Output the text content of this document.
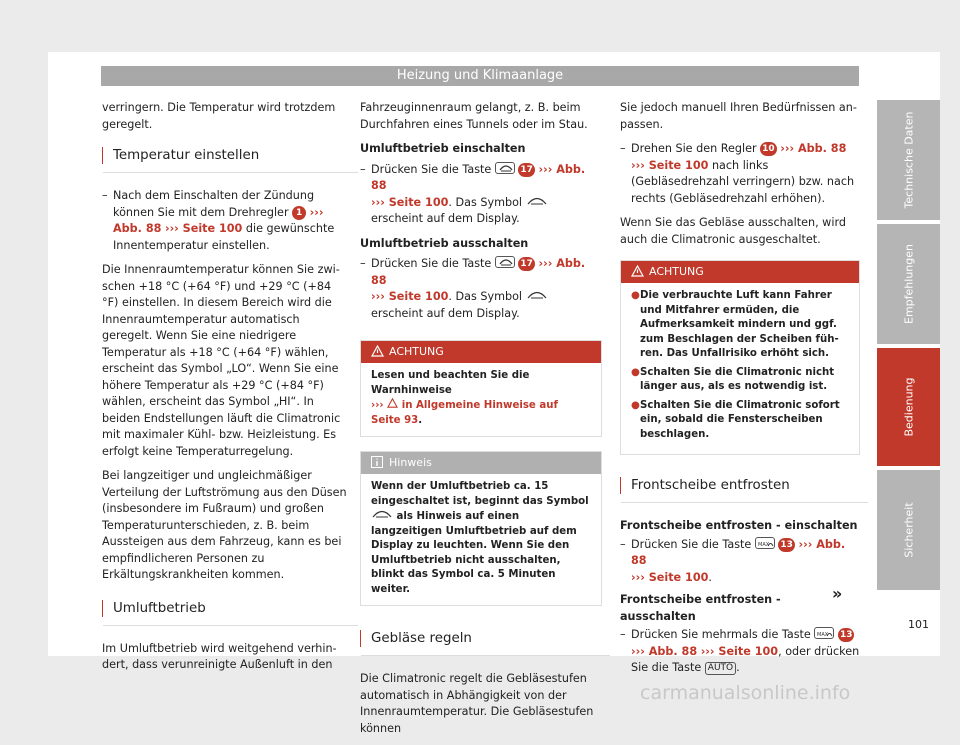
Heizung und Klimaanlage

verringern. Die Temperatur wird trotzdem geregelt.

Temperatur einstellen
– Nach dem Einschalten der Zündung können Sie mit dem Drehregler 1 ››› Abb. 88 ››› Seite 100 die gewünschte Innentemperatur einstellen.

Die Innenraumtemperatur können Sie zwischen +18 °C (+64 °F) und +29 °C (+84 °F) einstellen. In diesem Bereich wird die Innenraumtemperatur automatisch geregelt. Wenn Sie eine niedrigere Temperatur als +18 °C (+64 °F) wählen, erscheint das Symbol „LO“. Wenn Sie eine höhere Temperatur als +29 °C (+84 °F) wählen, erscheint das Symbol „HI“. In beiden Endstellungen läuft die Climatronic mit maximaler Kühl- bzw. Heizleistung. Es erfolgt keine Temperaturregelung.

Bei langzeitiger und ungleichmäßiger Verteilung der Luftströmung aus den Düsen (insbesondere im Fußraum) und großen Temperaturunterschieden, z. B. beim Aussteigen aus dem Fahrzeug, kann es bei empfindlicheren Personen zu Erkältungskrankheiten kommen.

Umluftbetrieb

Im Umluftbetrieb wird weitgehend verhindert, dass verunreinigte Außenluft in den

Fahrzeuginnenraum gelangt, z. B. beim Durchfahren eines Tunnels oder im Stau.

Umluftbetrieb einschalten

– Drücken Sie die Taste	17 ››› Abb. 88
››› Seite 100. Das Symbol  erscheint auf dem Display.

Umluftbetrieb ausschalten

– Drücken Sie die Taste	17 ››› Abb. 88
››› Seite 100. Das Symbol  erscheint auf dem Display.
ACHTUNG
Lesen und beachten Sie die Warnhinweise
››› in Allgemeine Hinweise auf Seite 93.
Hinweis
Wenn der Umluftbetrieb ca. 15 eingeschaltet ist, beginnt das Symbol  als Hinweis auf einen langzeitigen Umluftbetrieb auf dem Display zu leuchten. Wenn Sie den Umluftbetrieb nicht ausschalten, blinkt das Symbol ca. 5 Minuten weiter.
Gebläse regeln

Die Climatronic regelt die Gebläsestufen automatisch in Abhängigkeit von der Innenraumtemperatur. Die Gebläsestufen können

Sie jedoch manuell Ihren Bedürfnissen anpassen.

– Drehen Sie den Regler 10 ››› Abb. 88 ››› Seite 100 nach links (Gebläsedrehzahl verringern) bzw. nach rechts (Gebläsedrehzahl erhöhen).

Wenn Sie das Gebläse ausschalten, wird auch die Climatronic ausgeschaltet.

ACHTUNG
● Die verbrauchte Luft kann Fahrer und Mitfahrer ermüden, die Aufmerksamkeit mindern und ggf. zum Beschlagen der Scheiben führen. Das Unfallrisiko erhöht sich.
● Schalten Sie die Climatronic nicht länger aus, als es notwendig ist.
● Schalten Sie die Climatronic sofort ein, sobald die Fensterscheiben beschlagen.
Frontscheibe entfrosten

Frontscheibe entfrosten - einschalten

– Drücken Sie die Taste MAX 13 ››› Abb. 88
››› Seite 100.

Frontscheibe entfrosten - ausschalten

– Drücken Sie mehrmals die Taste MAX 13
››› Abb. 88 ››› Seite 100, oder drücken Sie die Taste AUTO .
»
Technische Daten
Empfehlungen
Bedienung
Sicherheit
101
carmanualsonline.info
